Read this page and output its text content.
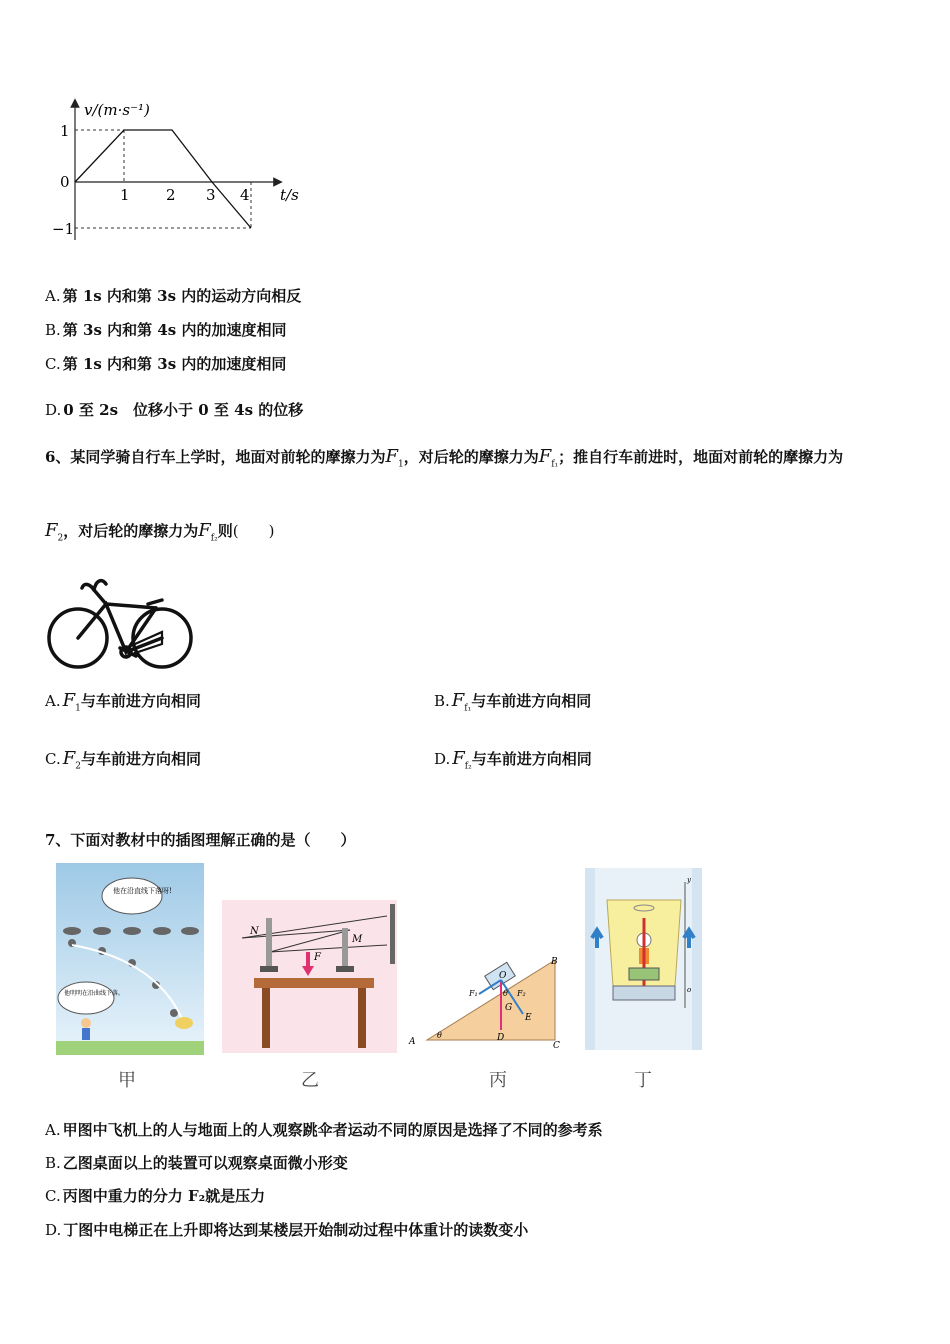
v/(m·s⁻¹)
1
0
−1
1 2 3 4 t/s
A. 第 1s 内和第 3s 内的运动方向相反
B. 第 3s 内和第 4s 内的加速度相同
C. 第 1s 内和第 3s 内的加速度相同
D. 0 至 2s　位移小于 0 至 4s 的位移
6、某同学骑自行车上学时，地面对前轮的摩擦力为$F_1$，对后轮的摩擦力为$F_{f_1}$；推自行车前进时，地面对前轮的摩擦力为
$F_2$，对后轮的摩擦力为$F_{f_2}$则(　　)
A. $F_1$与车前进方向相同	B. $F_{f_1}$与车前进方向相同
C. $F_2$与车前进方向相同	D. $F_{f_2}$与车前进方向相同
7、下面对教材中的插图理解正确的是（　　）
他在沿直线下落呀!
他明明在沿曲线下落。
N
M
F
A
B
C
D
E
O
G
θ
θ
F₁	F₂
y
o
甲	乙	丙	丁
A. 甲图中飞机上的人与地面上的人观察跳伞者运动不同的原因是选择了不同的参考系
B. 乙图桌面以上的装置可以观察桌面微小形变
C. 丙图中重力的分力 F₂就是压力
D. 丁图中电梯正在上升即将达到某楼层开始制动过程中体重计的读数变小
